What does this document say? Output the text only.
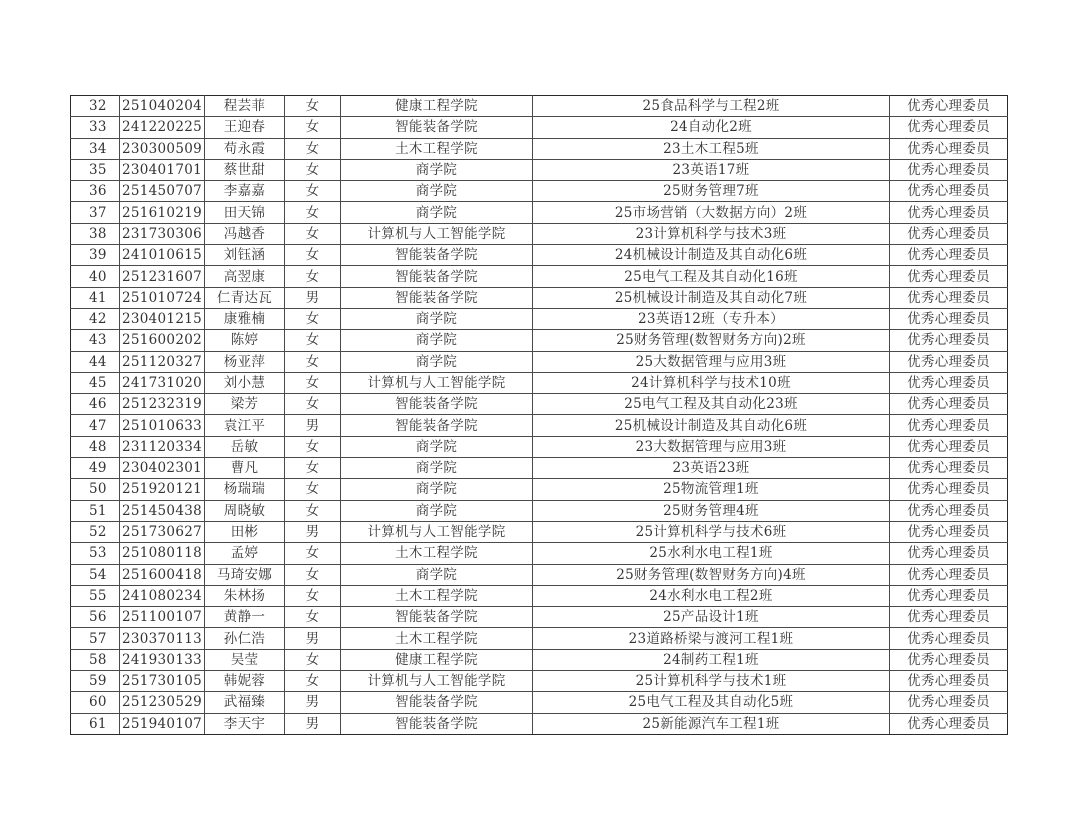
32	251040204	程芸菲	女	健康工程学院	25食品科学与工程2班	优秀心理委员
33	241220225	王迎春	女	智能装备学院	24自动化2班	优秀心理委员
34	230300509	苟永霞	女	土木工程学院	23土木工程5班	优秀心理委员
35	230401701	蔡世甜	女	商学院	23英语17班	优秀心理委员
36	251450707	李嘉嘉	女	商学院	25财务管理7班	优秀心理委员
37	251610219	田天锦	女	商学院	25市场营销（大数据方向）2班	优秀心理委员
38	231730306	冯越香	女	计算机与人工智能学院	23计算机科学与技术3班	优秀心理委员
39	241010615	刘钰涵	女	智能装备学院	24机械设计制造及其自动化6班	优秀心理委员
40	251231607	高翌康	女	智能装备学院	25电气工程及其自动化16班	优秀心理委员
41	251010724	仁青达瓦	男	智能装备学院	25机械设计制造及其自动化7班	优秀心理委员
42	230401215	康雅楠	女	商学院	23英语12班（专升本）	优秀心理委员
43	251600202	陈婷	女	商学院	25财务管理(数智财务方向)2班	优秀心理委员
44	251120327	杨亚萍	女	商学院	25大数据管理与应用3班	优秀心理委员
45	241731020	刘小慧	女	计算机与人工智能学院	24计算机科学与技术10班	优秀心理委员
46	251232319	梁芳	女	智能装备学院	25电气工程及其自动化23班	优秀心理委员
47	251010633	袁江平	男	智能装备学院	25机械设计制造及其自动化6班	优秀心理委员
48	231120334	岳敏	女	商学院	23大数据管理与应用3班	优秀心理委员
49	230402301	曹凡	女	商学院	23英语23班	优秀心理委员
50	251920121	杨瑞瑞	女	商学院	25物流管理1班	优秀心理委员
51	251450438	周晓敏	女	商学院	25财务管理4班	优秀心理委员
52	251730627	田彬	男	计算机与人工智能学院	25计算机科学与技术6班	优秀心理委员
53	251080118	孟婷	女	土木工程学院	25水利水电工程1班	优秀心理委员
54	251600418	马琦安娜	女	商学院	25财务管理(数智财务方向)4班	优秀心理委员
55	241080234	朱林扬	女	土木工程学院	24水利水电工程2班	优秀心理委员
56	251100107	黄静一	女	智能装备学院	25产品设计1班	优秀心理委员
57	230370113	孙仁浩	男	土木工程学院	23道路桥梁与渡河工程1班	优秀心理委员
58	241930133	吴莹	女	健康工程学院	24制药工程1班	优秀心理委员
59	251730105	韩妮蓉	女	计算机与人工智能学院	25计算机科学与技术1班	优秀心理委员
60	251230529	武福臻	男	智能装备学院	25电气工程及其自动化5班	优秀心理委员
61	251940107	李天宇	男	智能装备学院	25新能源汽车工程1班	优秀心理委员
